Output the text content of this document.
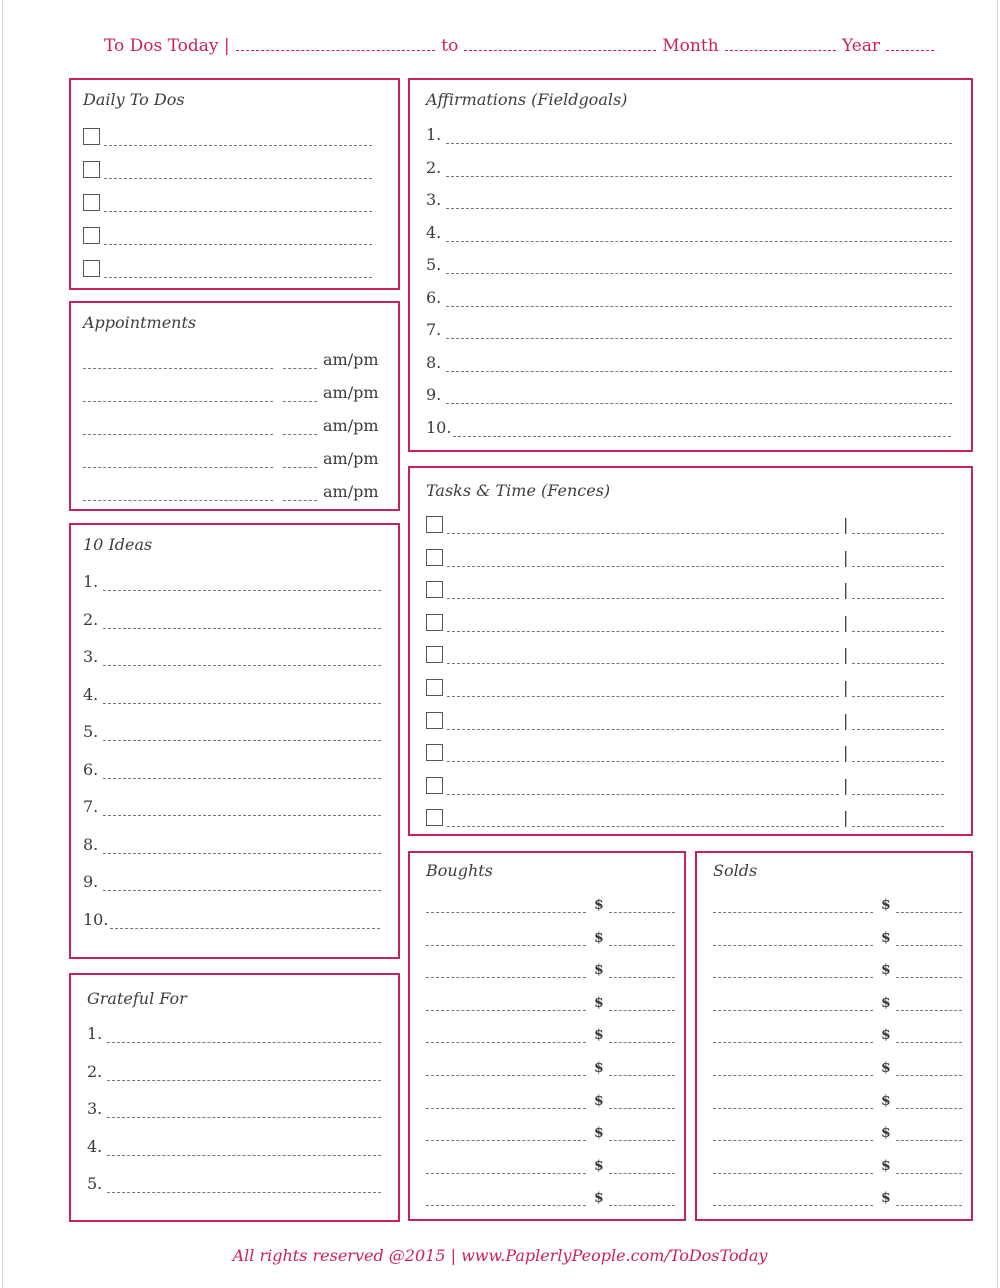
To Dos Today |	to	Month	Year
Daily To Dos
Appointments
am/pm
am/pm
am/pm
am/pm
am/pm
10 Ideas
1.
2.
3.
4.
5.
6.
7.
8.
9.
10.
Grateful For
1.
2.
3.
4.
5.
Affirmations (Fieldgoals)
1.
2.
3.
4.
5.
6.
7.
8.
9.
10.
Tasks & Time (Fences)
|
|
|
|
|
|
|
|
|
|
Boughts
$
$
$
$
$
$
$
$
$
$
Solds
$
$
$
$
$
$
$
$
$
$
All rights reserved @2015 | www.PaplerlyPeople.com/ToDosToday
